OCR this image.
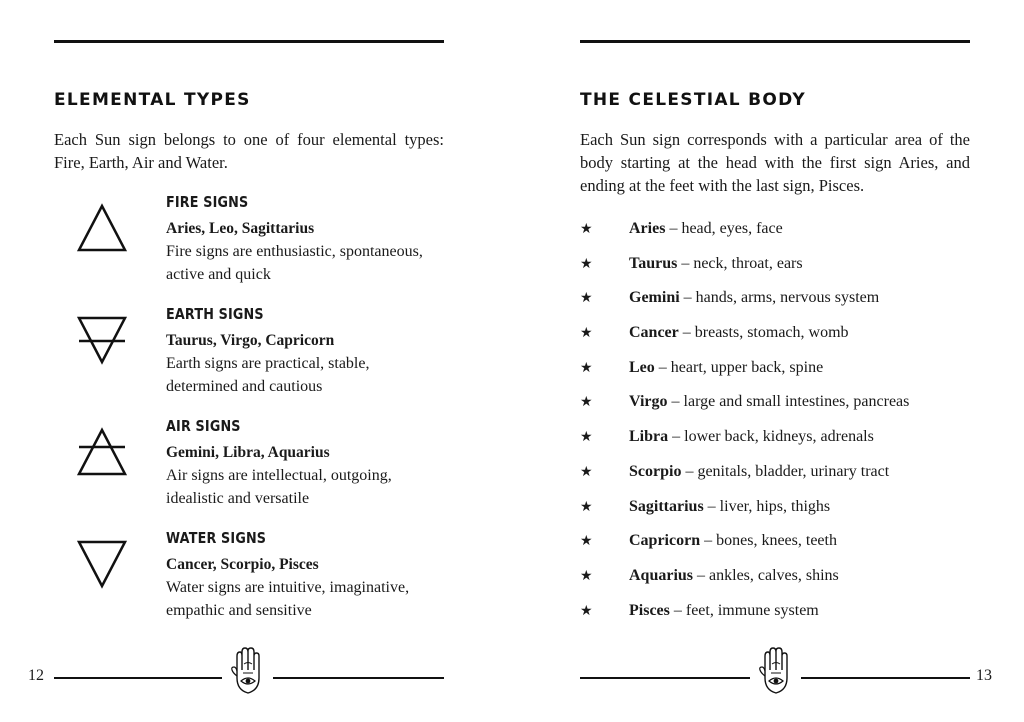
ELEMENTAL TYPES

Each Sun sign belongs to one of four elemental types: Fire, Earth, Air and Water.

FIRE SIGNS

Aries, Leo, Sagittarius

Fire signs are enthusiastic, spontaneous,
active and quick

EARTH SIGNS

Taurus, Virgo, Capricorn

Earth signs are practical, stable,
determined and cautious

AIR SIGNS

Gemini, Libra, Aquarius

Air signs are intellectual, outgoing,
idealistic and versatile

WATER SIGNS

Cancer, Scorpio, Pisces

Water signs are intuitive, imaginative,
empathic and sensitive

12
THE CELESTIAL BODY

Each Sun sign corresponds with a particular area of the body starting at the head with the first sign Aries, and ending at the feet with the last sign, Pisces.

★ Aries – head, eyes, face
★ Taurus – neck, throat, ears
★ Gemini – hands, arms, nervous system
★ Cancer – breasts, stomach, womb
★ Leo – heart, upper back, spine
★ Virgo – large and small intestines, pancreas
★ Libra – lower back, kidneys, adrenals
★ Scorpio – genitals, bladder, urinary tract
★ Sagittarius – liver, hips, thighs
★ Capricorn – bones, knees, teeth
★ Aquarius – ankles, calves, shins
★ Pisces – feet, immune system
13
